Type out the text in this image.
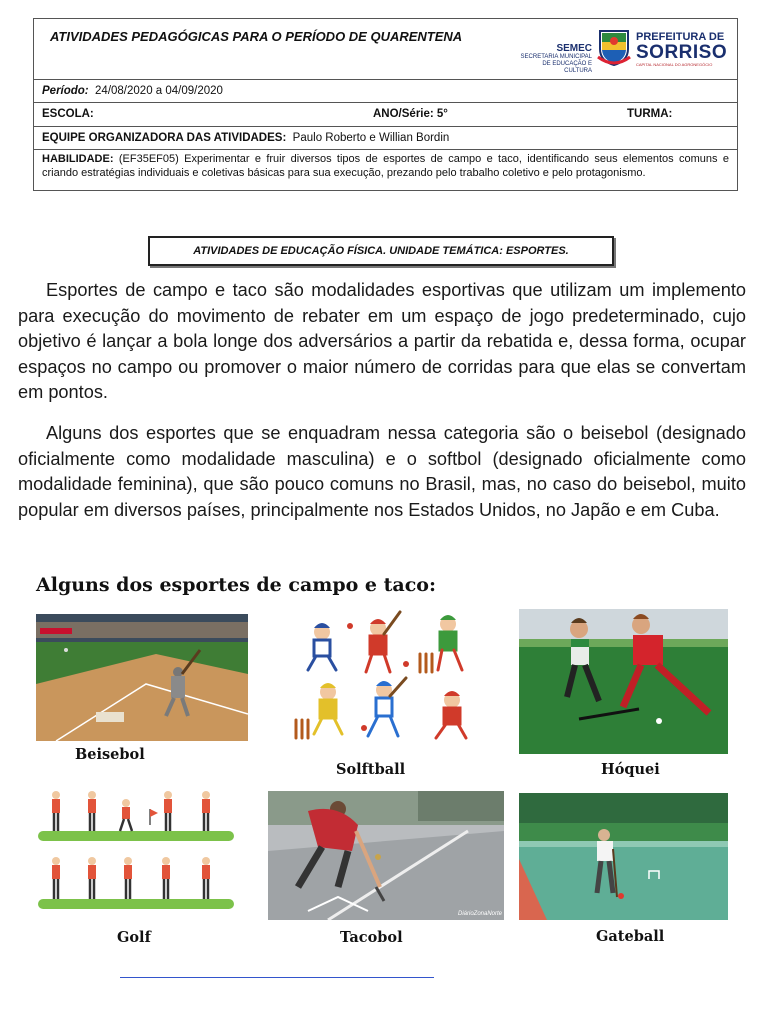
ATIVIDADES PEDAGÓGICAS PARA O PERÍODO DE QUARENTENA
SEMEC
SECRETARIA MUNICIPAL DE EDUCAÇÃO E CULTURA
PREFEITURA DE
SORRISO
CAPITAL NACIONAL DO AGRONEGÓCIO
Período: 24/08/2020 a 04/09/2020
ESCOLA:	ANO/Série: 5°	TURMA:
EQUIPE ORGANIZADORA DAS ATIVIDADES: Paulo Roberto e Willian Bordin
HABILIDADE: (EF35EF05) Experimentar e fruir diversos tipos de esportes de campo e taco, identificando seus elementos comuns e criando estratégias individuais e coletivas básicas para sua execução, prezando pelo trabalho coletivo e pelo protagonismo.
ATIVIDADES DE EDUCAÇÃO FÍSICA. UNIDADE TEMÁTICA: ESPORTES.
Esportes de campo e taco são modalidades esportivas que utilizam um implemento para execução do movimento de rebater em um espaço de jogo predeterminado, cujo objetivo é lançar a bola longe dos adversários a partir da rebatida e, dessa forma, ocupar espaços no campo ou promover o maior número de corridas para que elas se convertam em pontos.
Alguns dos esportes que se enquadram nessa categoria são o beisebol (designado oficialmente como modalidade masculina) e o softbol (designado oficialmente como modalidade feminina), que são pouco comuns no Brasil, mas, no caso do beisebol, muito popular em diversos países, principalmente nos Estados Unidos, no Japão e em Cuba.
Alguns dos esportes de campo e taco:
Beisebol
Solftball	Hóquei
Golf
DiárioZonaNorte
Tacobol	Gateball
